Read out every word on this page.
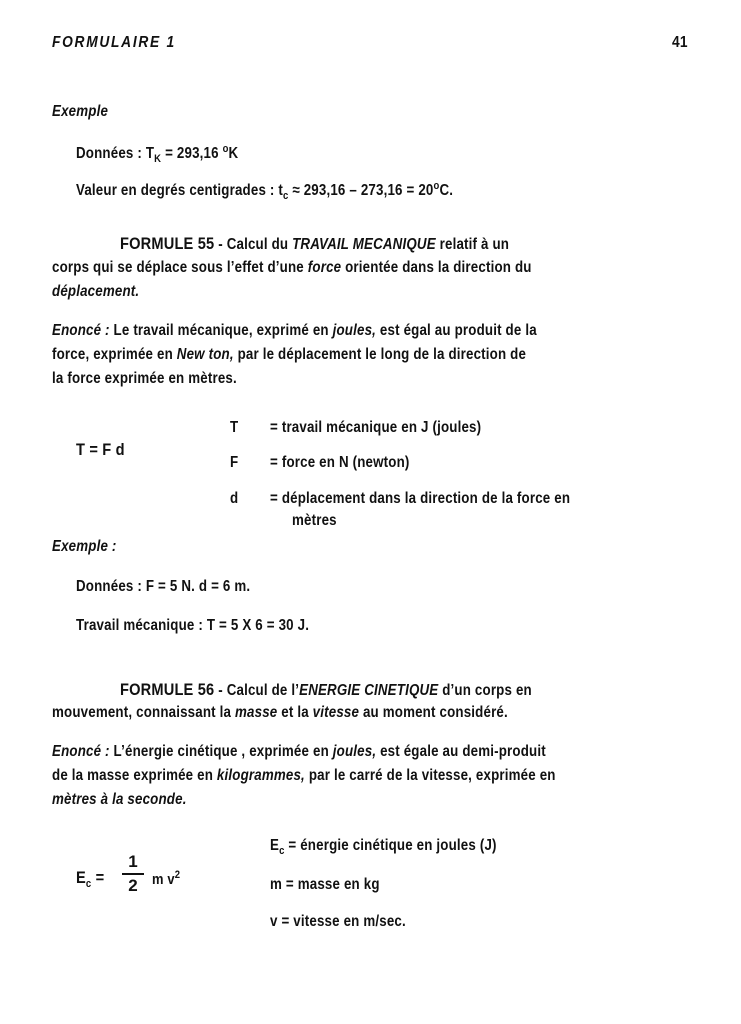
FORMULAIRE 1	41
Exemple
Données : $T_K = 293,16$ $^o$K
Valeur en degrés centigrades : $t_c \approx 293,16 - 273,16 = 20^oC$.
FORMULE 55 - Calcul du TRAVAIL MECANIQUE relatif à un
corps qui se déplace sous l’effet d’une force orientée dans la direction du
déplacement.
Enoncé : Le travail mécanique, exprimé en joules, est égal au produit de la
force, exprimée en New ton, par le déplacement le long de la direction de
la force exprimée en mètres.
T = F d
T = travail mécanique en J (joules)
F = force en N (newton)
d = déplacement dans la direction de la force en
mètres
Exemple :
Données : F = 5 N. d = 6 m.
Travail mécanique : T = 5 X 6 = 30 J.
FORMULE 56 - Calcul de l’ENERGIE CINETIQUE d’un corps en
mouvement, connaissant la masse et la vitesse au moment considéré.
Enoncé : L’énergie cinétique , exprimée en joules, est égale au demi-produit
de la masse exprimée en kilogrammes, par le carré de la vitesse, exprimée en
mètres à la seconde.
$E_c$ =
1
2 m $v^2$
$E_c$ = énergie cinétique en joules (J)
m = masse en kg
v = vitesse en m/sec.
